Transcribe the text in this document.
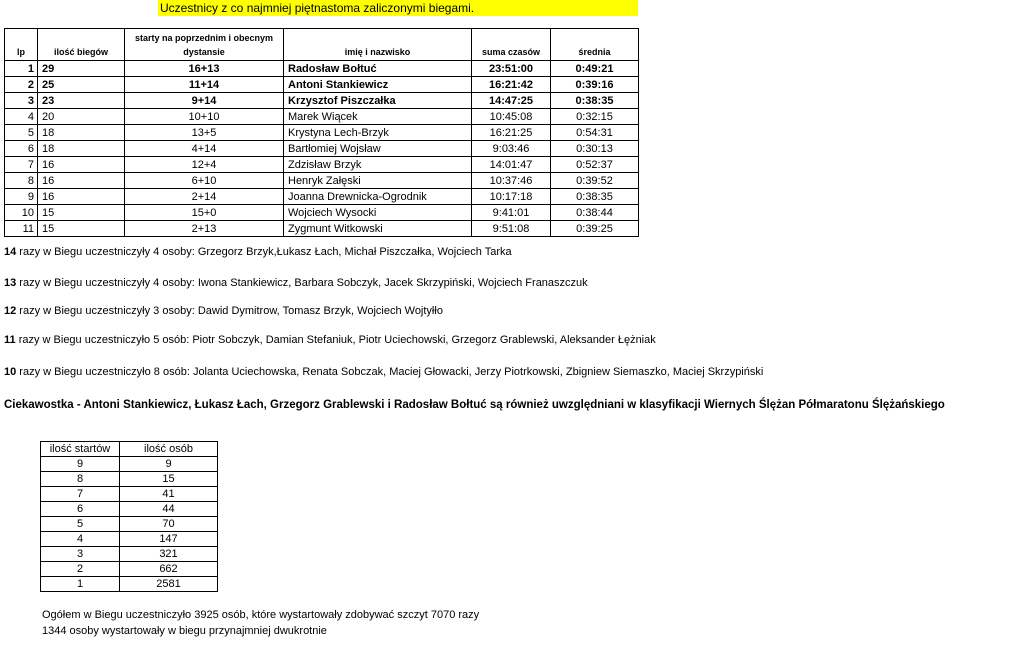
Uczestnicy z co najmniej piętnastoma zaliczonymi biegami.
lp	ilość biegów	starty na poprzednim i obecnym dystansie	imię i nazwisko	suma czasów	średnia
1	29	16+13	Radosław Bołtuć	23:51:00	0:49:21
2	25	11+14	Antoni Stankiewicz	16:21:42	0:39:16
3	23	9+14	Krzysztof Piszczałka	14:47:25	0:38:35
4	20	10+10	Marek Wiącek	10:45:08	0:32:15
5	18	13+5	Krystyna Lech-Brzyk	16:21:25	0:54:31
6	18	4+14	Bartłomiej Wojsław	9:03:46	0:30:13
7	16	12+4	Zdzisław Brzyk	14:01:47	0:52:37
8	16	6+10	Henryk Załęski	10:37:46	0:39:52
9	16	2+14	Joanna Drewnicka-Ogrodnik	10:17:18	0:38:35
10	15	15+0	Wojciech Wysocki	9:41:01	0:38:44
11	15	2+13	Zygmunt Witkowski	9:51:08	0:39:25
14 razy w Biegu uczestniczyły 4 osoby: Grzegorz Brzyk,Łukasz Łach, Michał Piszczałka, Wojciech Tarka
13 razy w Biegu uczestniczyły 4 osoby: Iwona Stankiewicz, Barbara Sobczyk, Jacek Skrzypiński, Wojciech Franaszczuk
12 razy w Biegu uczestniczyły 3 osoby: Dawid Dymitrow, Tomasz Brzyk, Wojciech Wojtyłło
11 razy w Biegu uczestniczyło 5 osób: Piotr Sobczyk, Damian Stefaniuk, Piotr Uciechowski, Grzegorz Grablewski, Aleksander Łężniak
10 razy w Biegu uczestniczyło 8 osób: Jolanta Uciechowska, Renata Sobczak, Maciej Głowacki, Jerzy Piotrkowski, Zbigniew Siemaszko, Maciej Skrzypiński
Ciekawostka - Antoni Stankiewicz, Łukasz Łach, Grzegorz Grablewski i Radosław Bołtuć są również uwzględniani w klasyfikacji Wiernych Ślężan Półmaratonu Ślężańskiego
ilość startów	ilość osób
9	9
8	15
7	41
6	44
5	70
4	147
3	321
2	662
1	2581
Ogółem w Biegu uczestniczyło 3925 osób, które wystartowały zdobywać szczyt 7070 razy
1344 osoby wystartowały w biegu przynajmniej dwukrotnie
